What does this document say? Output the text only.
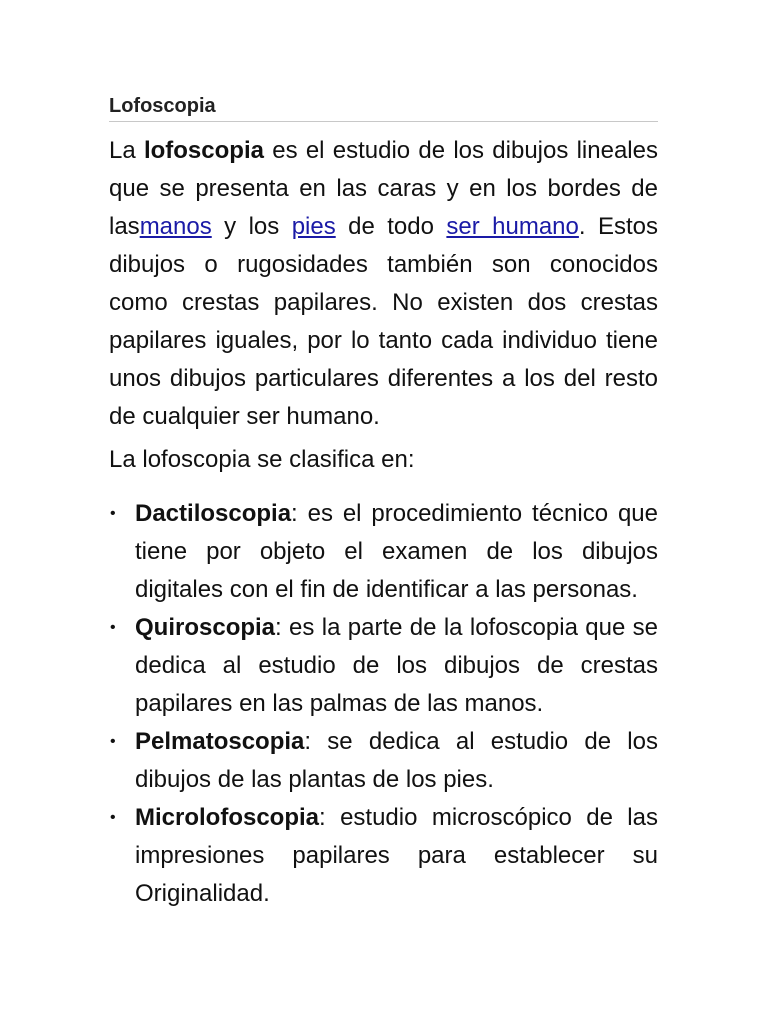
Lofoscopia

La lofoscopia es el estudio de los dibujos lineales que se presenta en las caras y en los bordes de lasmanos y los pies de todo ser humano. Estos dibujos o rugosidades también son conocidos como crestas papilares. No existen dos crestas papilares iguales, por lo tanto cada individuo tiene unos dibujos particulares diferentes a los del resto de cualquier ser humano.

La lofoscopia se clasifica en:

• Dactiloscopia: es el procedimiento técnico que tiene por objeto el examen de los dibujos digitales con el fin de identificar a las personas.
• Quiroscopia: es la parte de la lofoscopia que se dedica al estudio de los dibujos de crestas papilares en las palmas de las manos.
• Pelmatoscopia: se dedica al estudio de los dibujos de las plantas de los pies.
• Microlofoscopia: estudio microscópico de las impresiones papilares para establecer su Originalidad.
